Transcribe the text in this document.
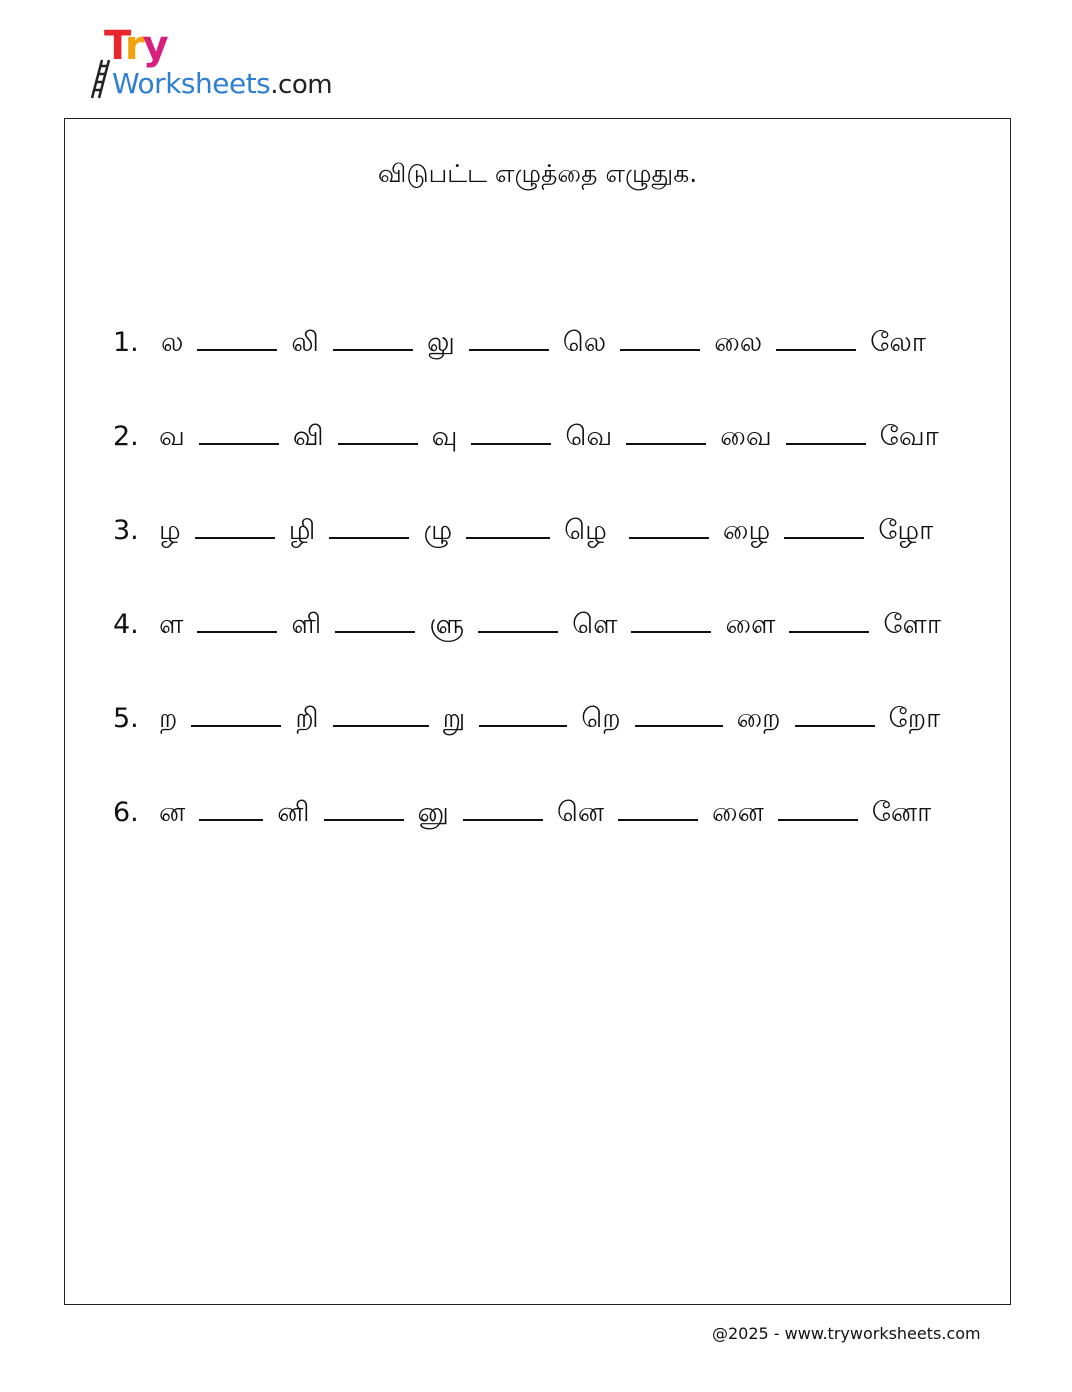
Try
Worksheets.com
விடுபட்ட எழுத்தை எழுதுக.
1. ல	லி	லு	லெ	லை	லோ
2. வ	வி	வு	வெ	வை	வோ
3. ழ	ழி	ழு	ழெ	ழை	ழோ
4. ள	ளி	ளு	ளெ	ளை	ளோ
5. ற	றி	று	றெ	றை	றோ
6. ன	னி	னு	னெ	னை	னோ
@2025 - www.tryworksheets.com
